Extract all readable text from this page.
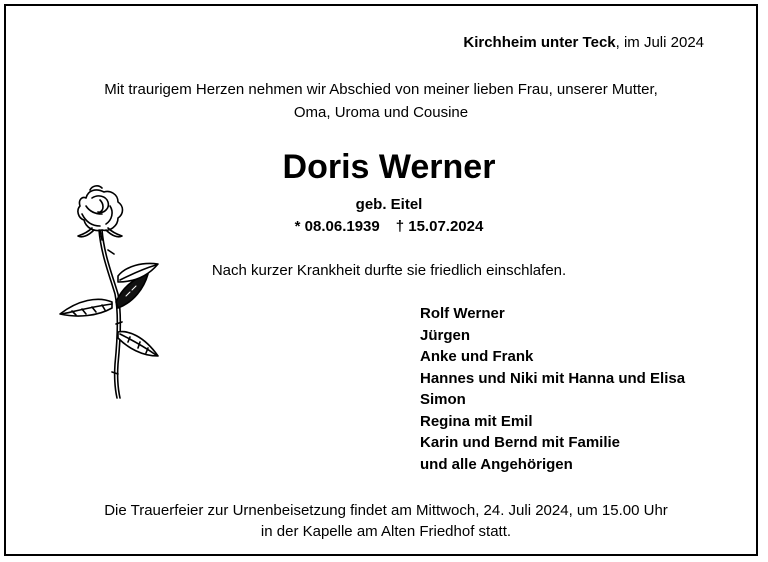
Kirchheim unter Teck, im Juli 2024
Mit traurigem Herzen nehmen wir Abschied von meiner lieben Frau, unserer Mutter,
Oma, Uroma und Cousine
Doris Werner
geb. Eitel
* 08.06.1939 † 15.07.2024
Nach kurzer Krankheit durfte sie friedlich einschlafen.
Rolf Werner
Jürgen
Anke und Frank
Hannes und Niki mit Hanna und Elisa
Simon
Regina mit Emil
Karin und Bernd mit Familie
und alle Angehörigen
Die Trauerfeier zur Urnenbeisetzung findet am Mittwoch, 24. Juli 2024, um 15.00 Uhr
in der Kapelle am Alten Friedhof statt.
